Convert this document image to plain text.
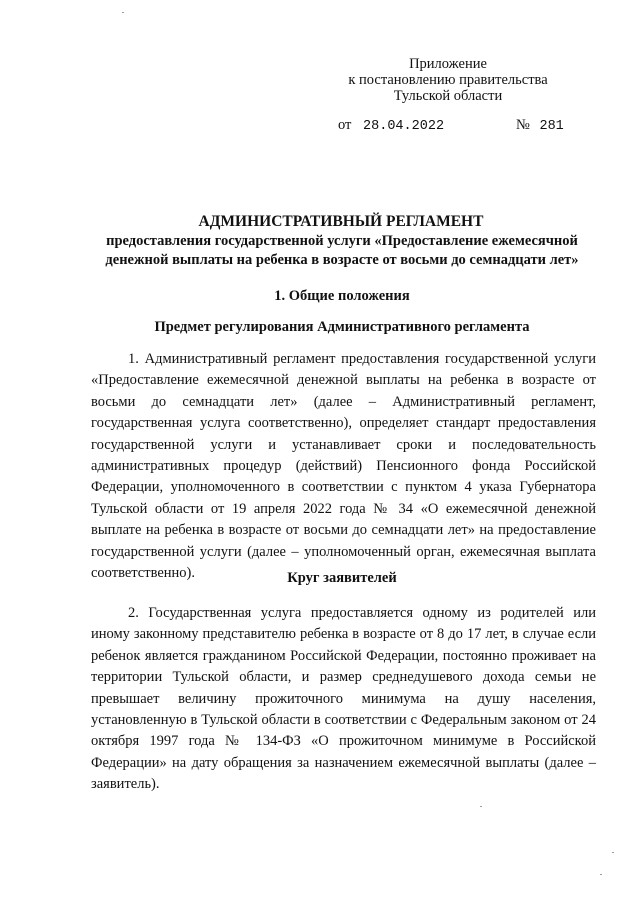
Приложение
к постановлению правительства
Тульской области
от 28.04.2022	№ 281
АДМИНИСТРАТИВНЫЙ РЕГЛАМЕНТ
предоставления государственной услуги «Предоставление ежемесячной
денежной выплаты на ребенка в возрасте от восьми до семнадцати лет»
1. Общие положения
Предмет регулирования Административного регламента
1. Административный регламент предоставления государственной услуги «Предоставление ежемесячной денежной выплаты на ребенка в возрасте от восьми до семнадцати лет» (далее – Административный регламент, государственная услуга соответственно), определяет стандарт предоставления государственной услуги и устанавливает сроки и последовательность административных процедур (действий) Пенсионного фонда Российской Федерации, уполномоченного в соответствии с пунктом 4 указа Губернатора Тульской области от 19 апреля 2022 года № 34 «О ежемесячной денежной выплате на ребенка в возрасте от восьми до семнадцати лет» на предоставление государственной услуги (далее – уполномоченный орган, ежемесячная выплата соответственно).	Круг заявителей
2. Государственная услуга предоставляется одному из родителей или иному законному представителю ребенка в возрасте от 8 до 17 лет, в случае если ребенок является гражданином Российской Федерации, постоянно проживает на территории Тульской области, и размер среднедушевого дохода семьи не превышает величину прожиточного минимума на душу населения, установленную в Тульской области в соответствии с Федеральным законом от 24 октября 1997 года № 134-ФЗ «О прожиточном минимуме в Российской Федерации» на дату обращения за назначением ежемесячной выплаты (далее – заявитель).
